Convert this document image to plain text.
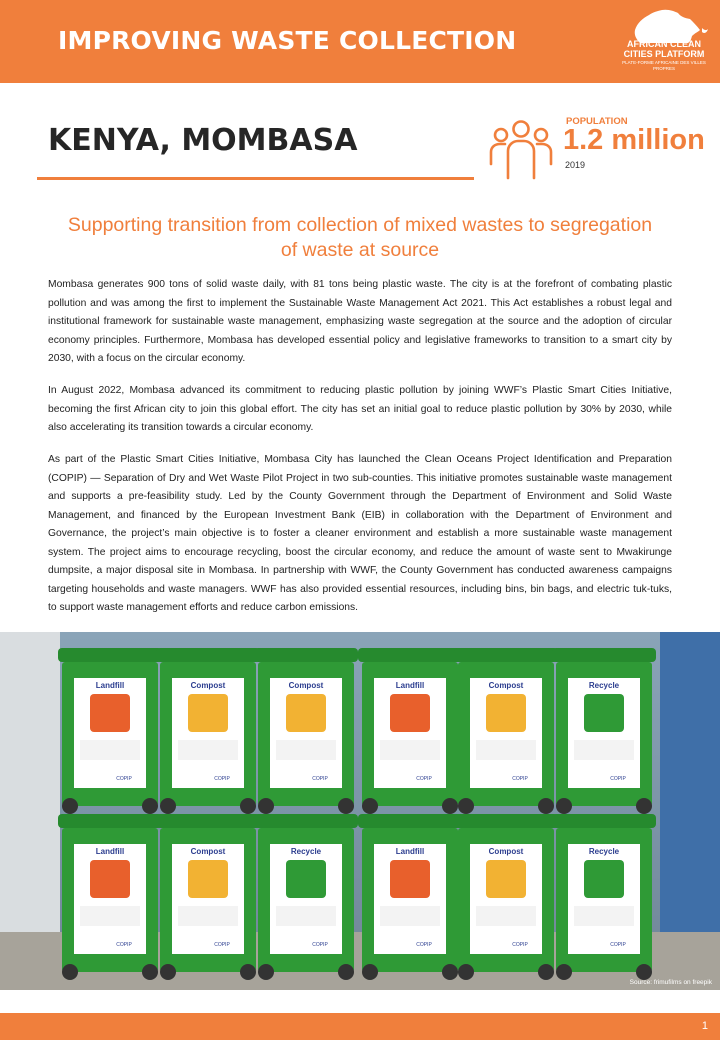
IMPROVING WASTE COLLECTION	AFRICAN CLEAN CITIES PLATFORM
PLATE-FORME AFRICAINE DES VILLES PROPRES
KENYA, MOMBASA
POPULATION
1.2 million
2019
Supporting transition from collection of mixed wastes to segregation of waste at source

Mombasa generates 900 tons of solid waste daily, with 81 tons being plastic waste. The city is at the forefront of combating plastic pollution and was among the first to implement the Sustainable Waste Management Act 2021. This Act establishes a robust legal and institutional framework for sustainable waste management, emphasizing waste segregation at the source and the adoption of circular economy principles. Furthermore, Mombasa has developed essential policy and legislative frameworks to transition to a smart city by 2030, with a focus on the circular economy.

In August 2022, Mombasa advanced its commitment to reducing plastic pollution by joining WWF’s Plastic Smart Cities Initiative, becoming the first African city to join this global effort. The city has set an initial goal to reduce plastic pollution by 30% by 2030, while also accelerating its transition towards a circular economy.

As part of the Plastic Smart Cities Initiative, Mombasa City has launched the Clean Oceans Project Identification and Preparation (COPIP) — Separation of Dry and Wet Waste Pilot Project in two sub-counties. This initiative promotes sustainable waste management and supports a pre-feasibility study. Led by the County Government through the Department of Environment and Solid Waste Management, and financed by the European Investment Bank (EIB) in collaboration with the Department of Environment and Governance, the project’s main objective is to foster a cleaner environment and establish a more sustainable waste management system. The project aims to encourage recycling, boost the circular economy, and reduce the amount of waste sent to Mwakirunge dumpsite, a major disposal site in Mombasa. In partnership with WWF, the County Government has conducted awareness campaigns targeting households and waste managers. WWF has also provided essential resources, including bins, bin bags, and electric tuk-tuks, to support waste management efforts and reduce carbon emissions.

Landfill
COPIP
Compost
COPIP
Compost
COPIP
Landfill
COPIP
Compost
COPIP
Recycle
COPIP
Landfill
COPIP
Compost
COPIP
Recycle
COPIP
Landfill
COPIP
Compost
COPIP
Recycle
COPIP
Source: frimufilms on freepik
1
